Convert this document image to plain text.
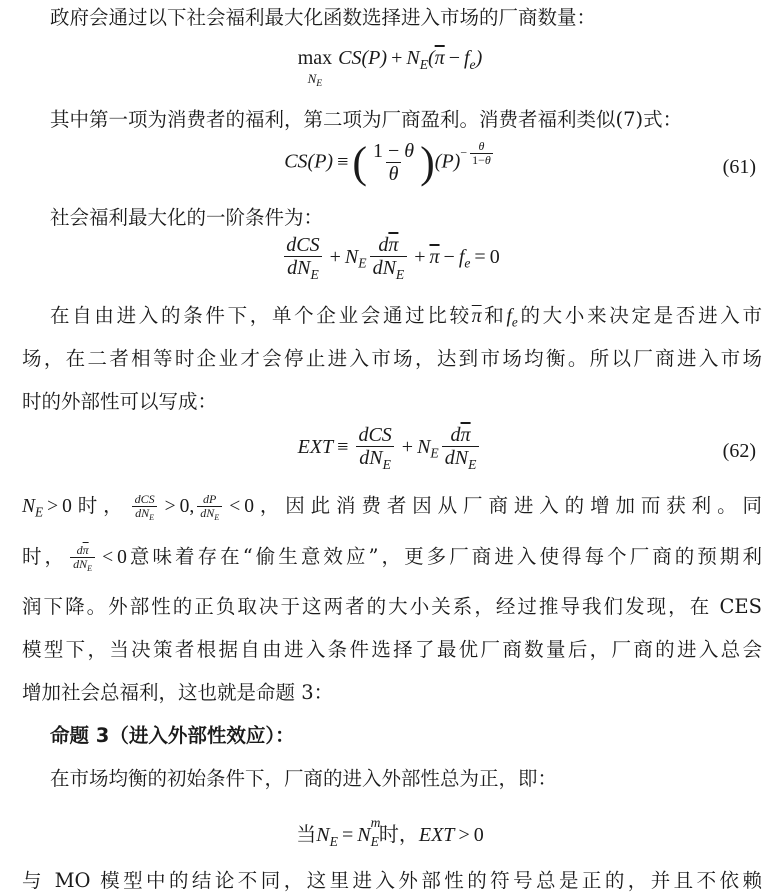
政府会通过以下社会福利最大化函数选择进入市场的厂商数量：
max
$N_E$
$CS(P) + N_E(\overline{\pi} - f_e)$
其中第一项为消费者的福利，第二项为厂商盈利。消费者福利类似(7)式：
CS(P) ≡( $\frac{1 - \theta}{\theta} )(P)- \frac{\theta}{1-\theta}$	(61)
社会福利最大化的一阶条件为：
$\frac{\text{dCS}}{dN_E} + N_E \frac{d\overline{\pi}}{dN_E} + \overline{\pi} - f_e = 0$
在自由进入的条件下，单个企业会通过比较$\overline{\pi}$和$f_e$的大小来决定是否进入市
场，在二者相等时企业才会停止进入市场，达到市场均衡。所以厂商进入市场
时的外部性可以写成：
EXT ≡ $\frac{\text{dCS}}{dN_E} + N_E \frac{d\overline{\pi}}{dN_E}$	(62)
$N_E > 0$时， $\frac{\text{dCS}}{dN_E} > 0$, $\frac{dP}{dN_E} < 0$，因此消费者因从厂商进入的增加而获利。同
时， $\frac{d\overline{\pi}}{dN_E} < 0$意味着存在“偷生意效应”，更多厂商进入使得每个厂商的预期利
润下降。外部性的正负取决于这两者的大小关系，经过推导我们发现，在 CES
模型下，当决策者根据自由进入条件选择了最优厂商数量后，厂商的进入总会
增加社会总福利，这也就是命题 3：
命题 3（进入外部性效应）：
在市场均衡的初始条件下，厂商的进入外部性总为正，即：
当$N_E = N$
$_{m E}$时，EXT > 0
与 MO 模型中的结论不同，这里进入外部性的符号总是正的，并且不依赖
